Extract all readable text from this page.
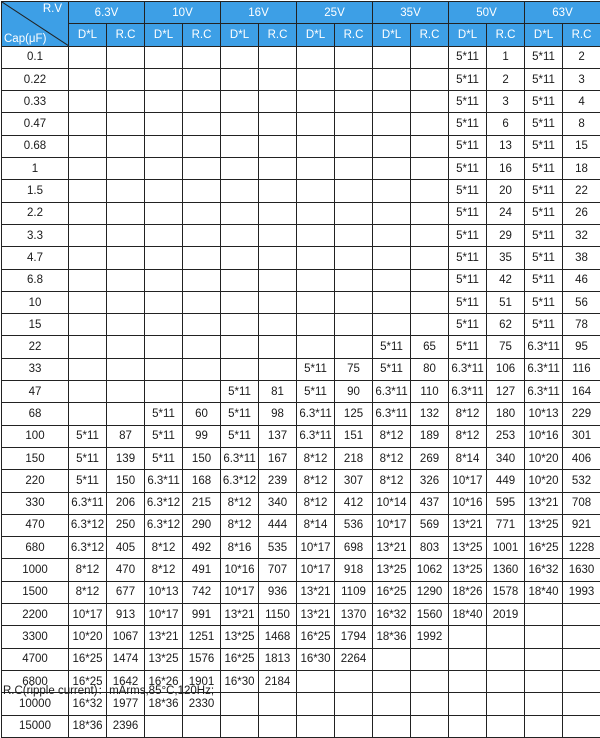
R.V
Cap(μF)	6.3V		10V		16V		25V		35V		50V		63V	
	D*L	R.C	D*L	R.C	D*L	R.C	D*L	R.C	D*L	R.C	D*L	R.C	D*L	R.C
0.1											5*11	1	5*11	2
0.22											5*11	2	5*11	3
0.33											5*11	3	5*11	4
0.47											5*11	6	5*11	8
0.68											5*11	13	5*11	15
1											5*11	16	5*11	18
1.5											5*11	20	5*11	22
2.2											5*11	24	5*11	26
3.3											5*11	29	5*11	32
4.7											5*11	35	5*11	38
6.8											5*11	42	5*11	46
10											5*11	51	5*11	56
15											5*11	62	5*11	78
22									5*11	65	5*11	75	6.3*11	95
33							5*11	75	5*11	80	6.3*11	106	6.3*11	116
47					5*11	81	5*11	90	6.3*11	110	6.3*11	127	6.3*11	164
68			5*11	60	5*11	98	6.3*11	125	6.3*11	132	8*12	180	10*13	229
100	5*11	87	5*11	99	5*11	137	6.3*11	151	8*12	189	8*12	253	10*16	301
150	5*11	139	5*11	150	6.3*11	167	8*12	218	8*12	269	8*14	340	10*20	406
220	5*11	150	6.3*11	168	6.3*12	239	8*12	307	8*12	326	10*17	449	10*20	532
330	6.3*11	206	6.3*12	215	8*12	340	8*12	412	10*14	437	10*16	595	13*21	708
470	6.3*12	250	6.3*12	290	8*12	444	8*14	536	10*17	569	13*21	771	13*25	921
680	6.3*12	405	8*12	492	8*16	535	10*17	698	13*21	803	13*25	1001	16*25	1228
1000	8*12	470	8*12	491	10*16	707	10*17	918	13*25	1062	13*25	1360	16*32	1630
1500	8*12	677	10*13	742	10*17	936	13*21	1109	16*25	1290	18*26	1578	18*40	1993
2200	10*17	913	10*17	991	13*21	1150	13*21	1370	16*32	1560	18*40	2019		
3300	10*20	1067	13*21	1251	13*25	1468	16*25	1794	18*36	1992				
4700	16*25	1474	13*25	1576	16*25	1813	16*30	2264						
6800	16*25	1642	16*26	1901	16*30	2184								
10000	16*32	1977	18*36	2330										
15000	18*36	2396												
R.C(ripple current)：mArms,85°C,120Hz;
